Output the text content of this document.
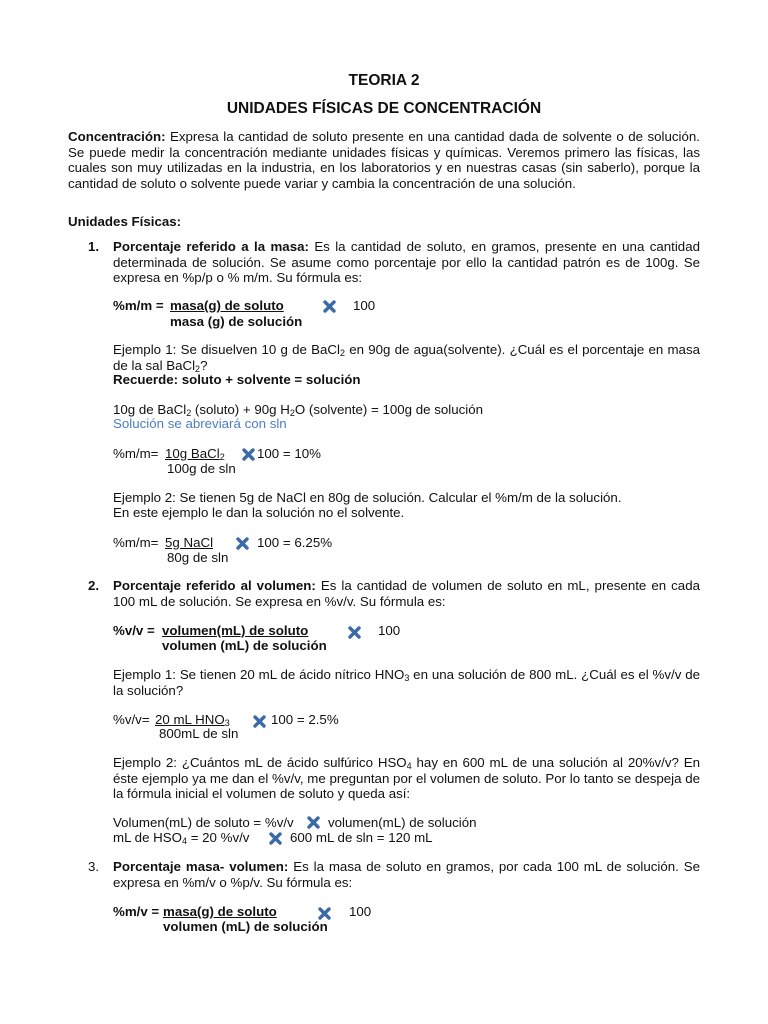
TEORIA 2
UNIDADES FÍSICAS DE CONCENTRACIÓN
Concentración: Expresa la cantidad de soluto presente en una cantidad dada de solvente o de solución. Se puede medir la concentración mediante unidades físicas y químicas. Veremos primero las físicas, las cuales son muy utilizadas en la industria, en los laboratorios y en nuestras casas (sin saberlo), porque la cantidad de soluto o solvente puede variar y cambia la concentración de una solución.
Unidades Físicas:
1. Porcentaje referido a la masa: Es la cantidad de soluto, en gramos, presente en una cantidad determinada de solución. Se asume como porcentaje por ello la cantidad patrón es de 100g. Se expresa en %p/p o % m/m. Su fórmula es:
%m/m = masa(g) de soluto
masa (g) de solución
100
Ejemplo 1: Se disuelven 10 g de BaCl$_2$ en 90g de agua(solvente). ¿Cuál es el porcentaje en masa de la sal BaCl$_2$?
Recuerde: soluto + solvente = solución
10g de BaCl$_2$ (soluto) + 90g $H_2O$ (solvente) = 100g de solución
Solución se abreviará con sln
%m/m= 10g BaCl$_2$ 100 = 10%
100g de sln
Ejemplo 2: Se tienen 5g de NaCl en 80g de solución. Calcular el %m/m de la solución.
En este ejemplo le dan la solución no el solvente.
%m/m= 5g NaCl	100 = 6.25%
80g de sln
2. Porcentaje referido al volumen: Es la cantidad de volumen de soluto en mL, presente en cada 100 mL de solución. Se expresa en %v/v. Su fórmula es:
%v/v = volumen(mL) de soluto
volumen (mL) de solución
100
Ejemplo 1: Se tienen 20 mL de ácido nítrico $HNO_3$ en una solución de 800 mL. ¿Cuál es el %v/v de la solución?
%v/v= 20 mL $HNO_3$	100 = 2.5%
800mL de sln
Ejemplo 2: ¿Cuántos mL de ácido sulfúrico $HSO_4$ hay en 600 mL de una solución al 20%v/v? En éste ejemplo ya me dan el %v/v, me preguntan por el volumen de soluto. Por lo tanto se despeja de la fórmula inicial el volumen de soluto y queda así:
Volumen(mL) de soluto = %v/v	volumen(mL) de solución
mL de $HSO_4 = 20$ %v/v	600 mL de sln = 120 mL
3. Porcentaje masa- volumen: Es la masa de soluto en gramos, por cada 100 mL de solución. Se expresa en %m/v o %p/v. Su fórmula es:
%m/v = masa(g) de soluto
volumen (mL) de solución
100
